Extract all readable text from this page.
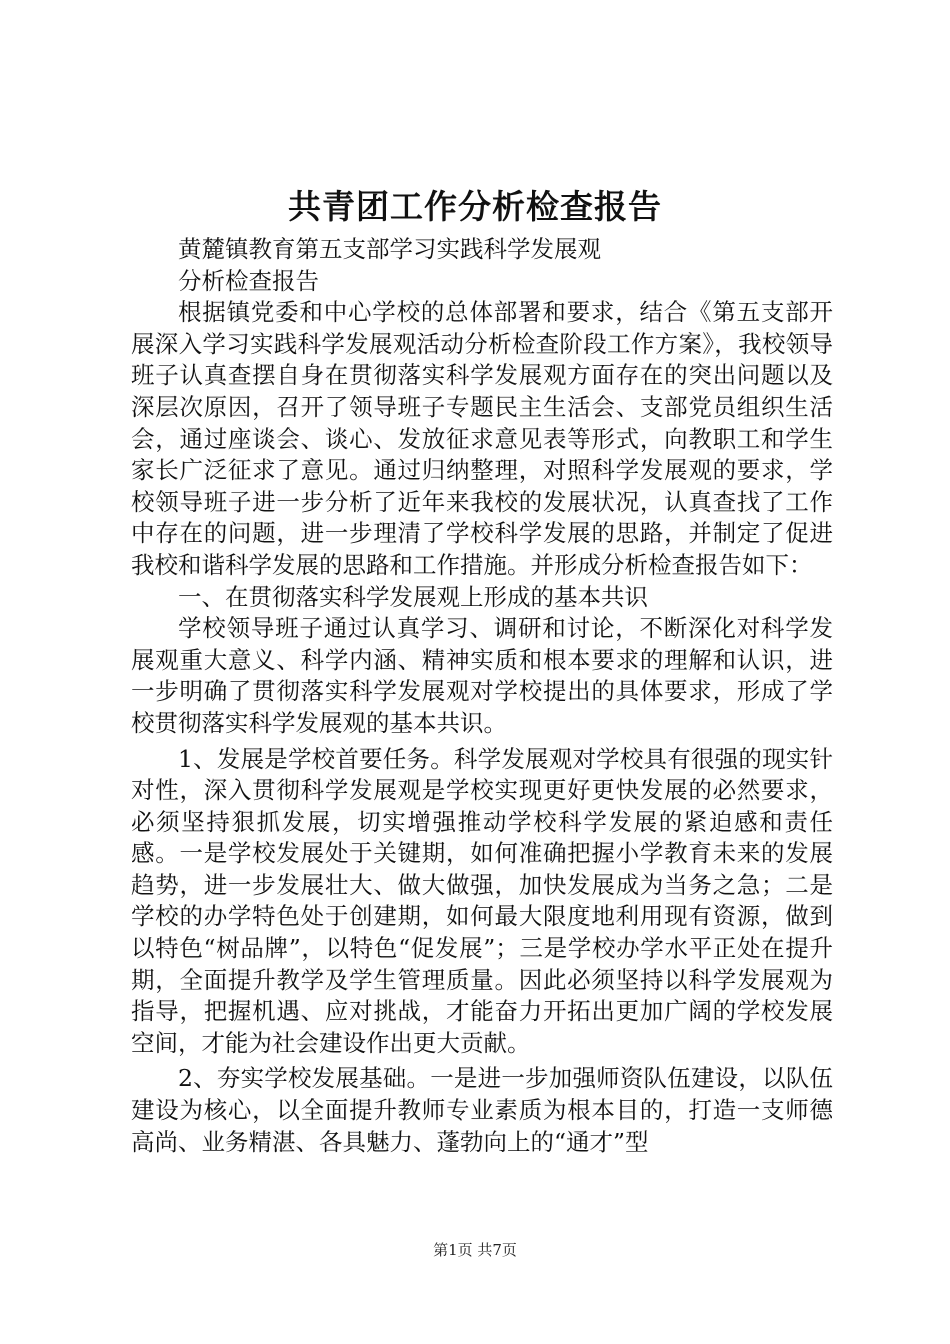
共青团工作分析检查报告

黄麓镇教育第五支部学习实践科学发展观

分析检查报告

根据镇党委和中心学校的总体部署和要求，结合《第五支部开展深入学习实践科学发展观活动分析检查阶段工作方案》，我校领导班子认真查摆自身在贯彻落实科学发展观方面存在的突出问题以及深层次原因，召开了领导班子专题民主生活会、支部党员组织生活会，通过座谈会、谈心、发放征求意见表等形式，向教职工和学生家长广泛征求了意见。通过归纳整理，对照科学发展观的要求，学校领导班子进一步分析了近年来我校的发展状况，认真查找了工作中存在的问题，进一步理清了学校科学发展的思路，并制定了促进我校和谐科学发展的思路和工作措施。并形成分析检查报告如下：

一、在贯彻落实科学发展观上形成的基本共识

学校领导班子通过认真学习、调研和讨论，不断深化对科学发展观重大意义、科学内涵、精神实质和根本要求的理解和认识，进一步明确了贯彻落实科学发展观对学校提出的具体要求，形成了学校贯彻落实科学发展观的基本共识。

1、发展是学校首要任务。科学发展观对学校具有很强的现实针对性，深入贯彻科学发展观是学校实现更好更快发展的必然要求，必须坚持狠抓发展，切实增强推动学校科学发展的紧迫感和责任感。一是学校发展处于关键期，如何准确把握小学教育未来的发展趋势，进一步发展壮大、做大做强，加快发展成为当务之急；二是学校的办学特色处于创建期，如何最大限度地利用现有资源，做到以特色“树品牌”，以特色“促发展”；三是学校办学水平正处在提升期，全面提升教学及学生管理质量。因此必须坚持以科学发展观为指导，把握机遇、应对挑战，才能奋力开拓出更加广阔的学校发展空间，才能为社会建设作出更大贡献。

2、夯实学校发展基础。一是进一步加强师资队伍建设，以队伍建设为核心，以全面提升教师专业素质为根本目的，打造一支师德高尚、业务精湛、各具魅力、蓬勃向上的“通才”型

第1页 共7页
